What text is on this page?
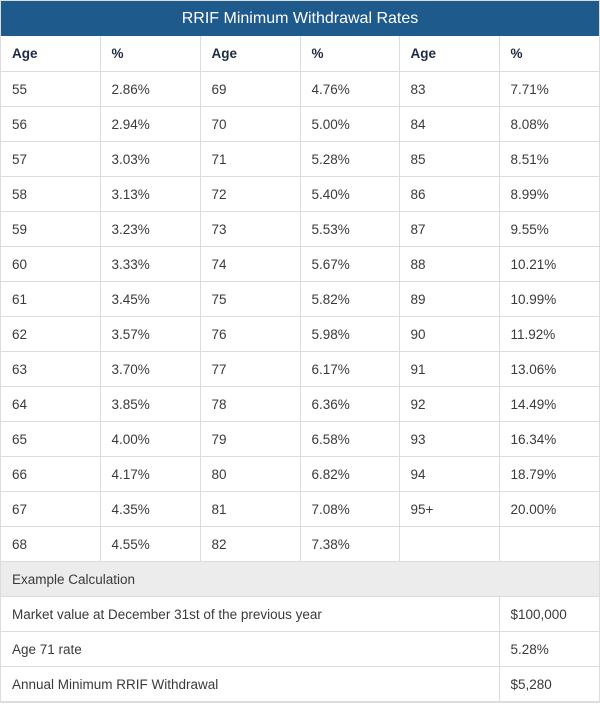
RRIF Minimum Withdrawal Rates
Age	%	Age	%	Age	%
55	2.86%	69	4.76%	83	7.71%
56	2.94%	70	5.00%	84	8.08%
57	3.03%	71	5.28%	85	8.51%
58	3.13%	72	5.40%	86	8.99%
59	3.23%	73	5.53%	87	9.55%
60	3.33%	74	5.67%	88	10.21%
61	3.45%	75	5.82%	89	10.99%
62	3.57%	76	5.98%	90	11.92%
63	3.70%	77	6.17%	91	13.06%
64	3.85%	78	6.36%	92	14.49%
65	4.00%	79	6.58%	93	16.34%
66	4.17%	80	6.82%	94	18.79%
67	4.35%	81	7.08%	95+	20.00%
68	4.55%	82	7.38%		
Example Calculation					
Market value at December 31st of the previous year					$100,000
Age 71 rate					5.28%
Annual Minimum RRIF Withdrawal					$5,280
